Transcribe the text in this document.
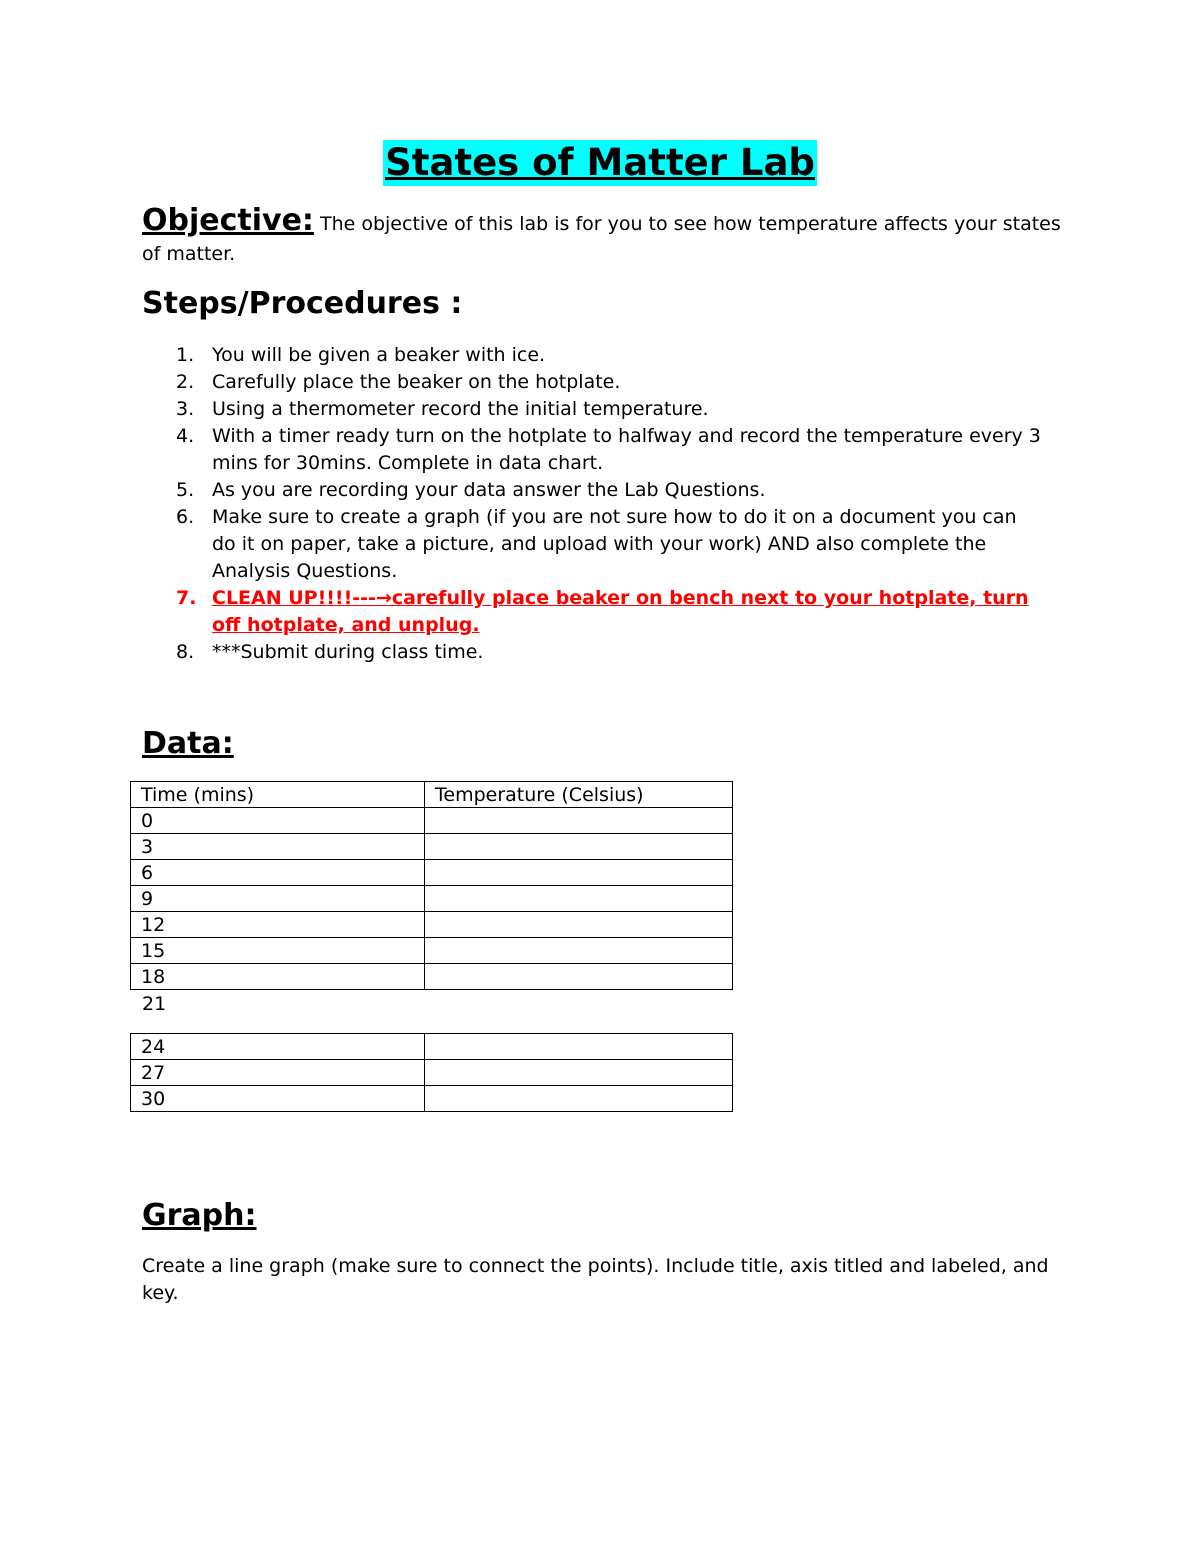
States of Matter Lab
Objective: The objective of this lab is for you to see how temperature affects your states of matter.
Steps/Procedures :
1. You will be given a beaker with ice.
2. Carefully place the beaker on the hotplate.
3. Using a thermometer record the initial temperature.
4. With a timer ready turn on the hotplate to halfway and record the temperature every 3 mins for 30mins. Complete in data chart.
5. As you are recording your data answer the Lab Questions.
6. Make sure to create a graph (if you are not sure how to do it on a document you can do it on paper, take a picture, and upload with your work) AND also complete the Analysis Questions.
7. CLEAN UP!!!!---→carefully place beaker on bench next to your hotplate, turn off hotplate, and unplug.
8. ***Submit during class time.
Data:
Time (mins)	Temperature (Celsius)
0	
3	
6	
9	
12	
15	
18	
21
24	
27	
30	
Graph:
Create a line graph (make sure to connect the points). Include title, axis titled and labeled, and key.
